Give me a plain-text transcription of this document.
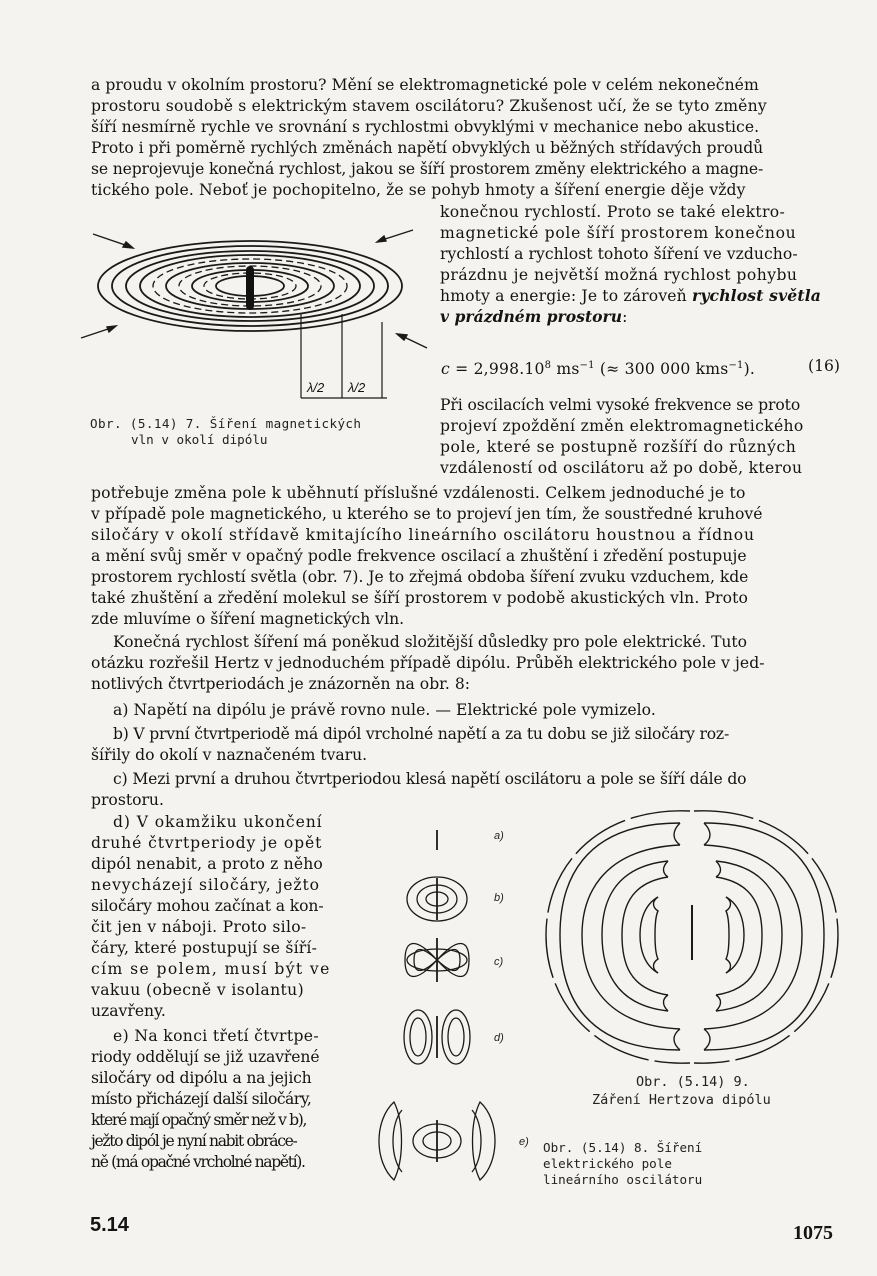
a proudu v okolním prostoru? Mění se elektromagnetické pole v celém nekonečném
prostoru soudobě s elektrickým stavem oscilátoru? Zkušenost učí, že se tyto změny
šíří nesmírně rychle ve srovnání s rychlostmi obvyklými v mechanice nebo akustice.
Proto i při poměrně rychlých změnách napětí obvyklých u běžných střídavých proudů
se neprojevuje konečná rychlost, jakou se šíří prostorem změny elektrického a magne-
tického pole. Neboť je pochopitelno, že se pohyb hmoty a šíření energie děje vždy
konečnou rychlostí. Proto se také elektro-
magnetické pole šíří prostorem konečnou
rychlostí a rychlost tohoto šíření ve vzducho-
prázdnu je největší možná rychlost pohybu
hmoty a energie: Je to zároveň rychlost světla
v prázdném prostoru:
$c = 2,998.10^8$ $ms^{-1}$ (≈ 300 000 kms$^{-1}$).	(16)
Při oscilacích velmi vysoké frekvence se proto
projeví zpoždění změn elektromagnetického
pole, které se postupně rozšíří do různých
vzdáleností od oscilátoru až po době, kterou
potřebuje změna pole k uběhnutí příslušné vzdálenosti. Celkem jednoduché je to
v případě pole magnetického, u kterého se to projeví jen tím, že soustředné kruhové
siločáry v okolí střídavě kmitajícího lineárního oscilátoru houstnou a řídnou
a mění svůj směr v opačný podle frekvence oscilací a zhuštění i zředění postupuje
prostorem rychlostí světla (obr. 7). Je to zřejmá obdoba šíření zvuku vzduchem, kde
také zhuštění a zředění molekul se šíří prostorem v podobě akustických vln. Proto
zde mluvíme o šíření magnetických vln.
Konečná rychlost šíření má poněkud složitější důsledky pro pole elektrické. Tuto
otázku rozřešil Hertz v jednoduchém případě dipólu. Průběh elektrického pole v jed-
notlivých čtvrtperiodách je znázorněn na obr. 8:
a) Napětí na dipólu je právě rovno nule. — Elektrické pole vymizelo.
b) V první čtvrtperiodě má dipól vrcholné napětí a za tu dobu se již siločáry roz-
šířily do okolí v naznačeném tvaru.
c) Mezi první a druhou čtvrtperiodou klesá napětí oscilátoru a pole se šíří dále do
prostoru.
d) V okamžiku ukončení
druhé čtvrtperiody je opět
dipól nenabit, a proto z něho
nevycházejí siločáry, ježto
siločáry mohou začínat a kon-
čit jen v náboji. Proto silo-
čáry, které postupují se šíří-
cím se polem, musí být ve
vakuu (obecně v isolantu)
uzavřeny.
e) Na konci třetí čtvrtpe-
riody oddělují se již uzavřené
siločáry od dipólu a na jejich
místo přicházejí další siločáry,
které mají opačný směr než v b),
ježto dipól je nyní nabit obráce-
ně (má opačné vrcholné napětí).
λ/2 λ/2
Obr. (5.14) 7. Šíření magnetických
vln v okolí dipólu
a)
b)
c)
d)
e) Obr. (5.14) 8. Šíření
elektrického pole
lineárního oscilátoru
Obr. (5.14) 9.
Záření Hertzova dipólu
5.14	1075
